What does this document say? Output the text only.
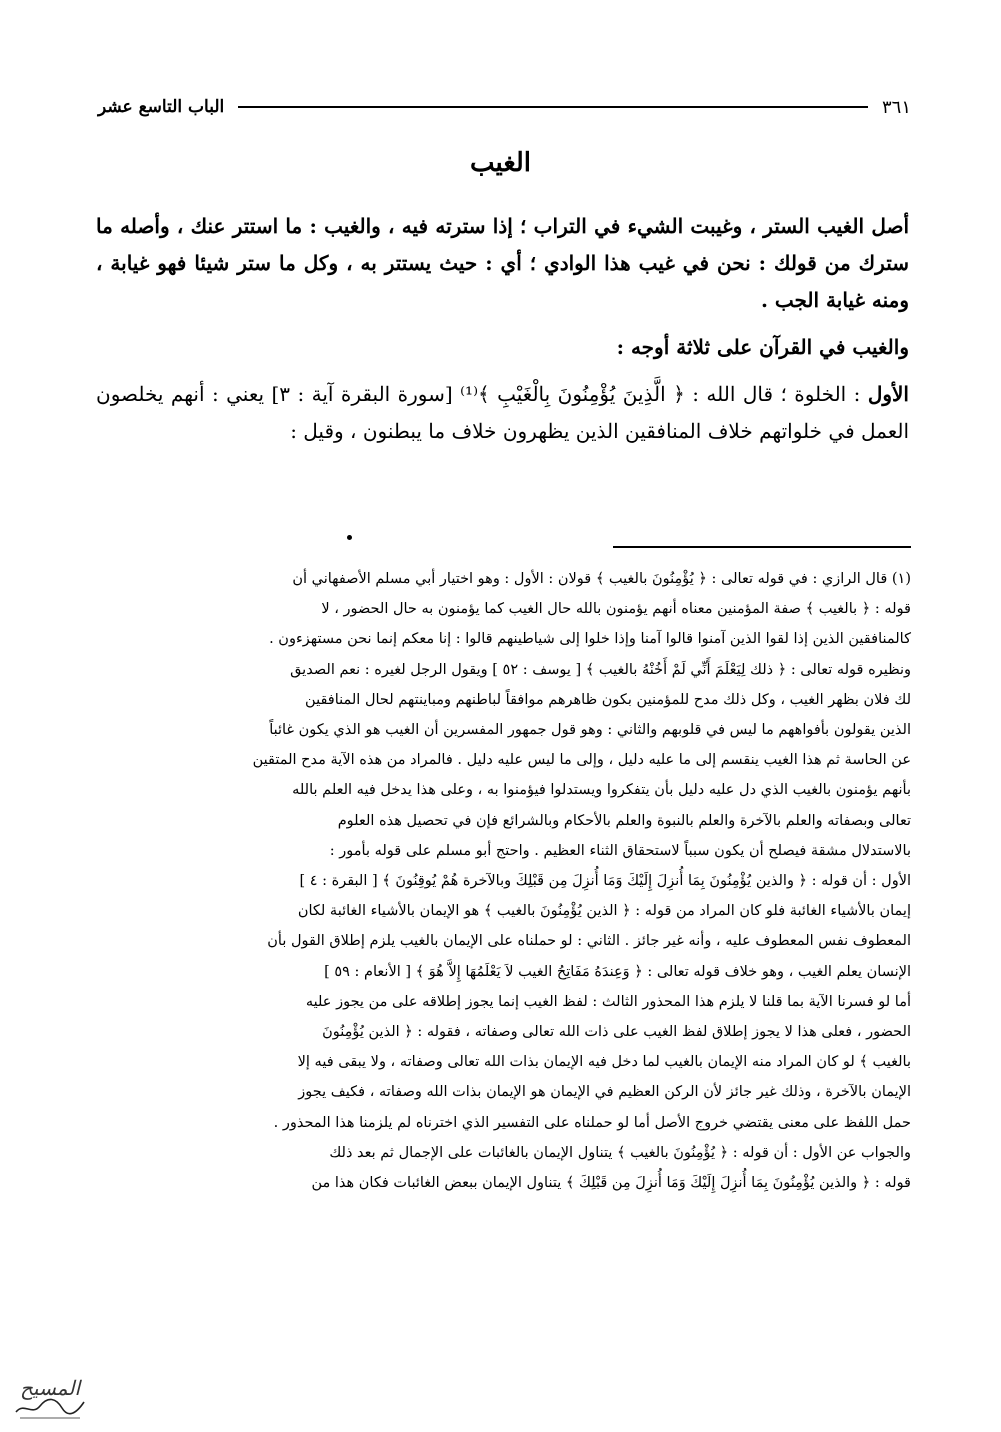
الباب التاسع عشر	٣٦١
الغيب

أصل الغيب الستر ، وغيبت الشيء في التراب ؛ إذا سترته فيه ، والغيب : ما استتر عنك ، وأصله ما سترك من قولك : نحن في غيب هذا الوادي ؛ أي : حيث يستتر به ، وكل ما ستر شيئا فهو غيابة ، ومنه غيابة الجب .

والغيب في القرآن على ثلاثة أوجه :

الأول : الخلوة ؛ قال الله : ﴿ الَّذِينَ يُؤْمِنُونَ بِالْغَيْبِ ﴾⁽¹⁾ [سورة البقرة آية : ٣] يعني : أنهم يخلصون العمل في خلواتهم خلاف المنافقين الذين يظهرون خلاف ما يبطنون ، وقيل :

(١) قال الرازي : في قوله تعالى : ﴿ يُؤْمِنُونَ بالغيب ﴾ قولان : الأول : وهو اختيار أبي مسلم الأصفهاني أن

قوله : ﴿ بالغيب ﴾ صفة المؤمنين معناه أنهم يؤمنون بالله حال الغيب كما يؤمنون به حال الحضور ، لا

كالمنافقين الذين إذا لقوا الذين آمنوا قالوا آمنا وإذا خلوا إلى شياطينهم قالوا : إنا معكم إنما نحن مستهزءون .

ونظيره قوله تعالى : ﴿ ذلك لِيَعْلَمَ أَنِّي لَمْ أَخُنْهُ بالغيب ﴾ [ يوسف : ٥٢ ] ويقول الرجل لغيره : نعم الصديق

لك فلان بظهر الغيب ، وكل ذلك مدح للمؤمنين بكون ظاهرهم موافقاً لباطنهم ومباينتهم لحال المنافقين

الذين يقولون بأفواههم ما ليس في قلوبهم والثاني : وهو قول جمهور المفسرين أن الغيب هو الذي يكون غائباً

عن الحاسة ثم هذا الغيب ينقسم إلى ما عليه دليل ، وإلى ما ليس عليه دليل . فالمراد من هذه الآية مدح المتقين

بأنهم يؤمنون بالغيب الذي دل عليه دليل بأن يتفكروا ويستدلوا فيؤمنوا به ، وعلى هذا يدخل فيه العلم بالله

تعالى وبصفاته والعلم بالآخرة والعلم بالنبوة والعلم بالأحكام وبالشرائع فإن في تحصيل هذه العلوم

بالاستدلال مشقة فيصلح أن يكون سبباً لاستحقاق الثناء العظيم . واحتج أبو مسلم على قوله بأمور :

الأول : أن قوله : ﴿ والذين يُؤْمِنُونَ بِمَا أُنزِلَ إِلَيْكَ وَمَا أُنزِلَ مِن قَبْلِكَ وبالآخرة هُمْ يُوقِنُونَ ﴾ [ البقرة : ٤ ]

إيمان بالأشياء الغائبة فلو كان المراد من قوله : ﴿ الذين يُؤْمِنُونَ بالغيب ﴾ هو الإيمان بالأشياء الغائبة لكان

المعطوف نفس المعطوف عليه ، وأنه غير جائز . الثاني : لو حملناه على الإيمان بالغيب يلزم إطلاق القول بأن

الإنسان يعلم الغيب ، وهو خلاف قوله تعالى : ﴿ وَعِندَهُ مَفَاتِحُ الغيب لاَ يَعْلَمُهَا إِلاَّ هُوَ ﴾ [ الأنعام : ٥٩ ]

أما لو فسرنا الآية بما قلنا لا يلزم هذا المحذور الثالث : لفظ الغيب إنما يجوز إطلاقه على من يجوز عليه

الحضور ، فعلى هذا لا يجوز إطلاق لفظ الغيب على ذات الله تعالى وصفاته ، فقوله : ﴿ الذين يُؤْمِنُونَ

بالغيب ﴾ لو كان المراد منه الإيمان بالغيب لما دخل فيه الإيمان بذات الله تعالى وصفاته ، ولا يبقى فيه إلا

الإيمان بالآخرة ، وذلك غير جائز لأن الركن العظيم في الإيمان هو الإيمان بذات الله وصفاته ، فكيف يجوز

حمل اللفظ على معنى يقتضي خروج الأصل أما لو حملناه على التفسير الذي اخترناه لم يلزمنا هذا المحذور .

والجواب عن الأول : أن قوله : ﴿ يُؤْمِنُونَ بالغيب ﴾ يتناول الإيمان بالغائبات على الإجمال ثم بعد ذلك

قوله : ﴿ والذين يُؤْمِنُونَ بِمَا أُنزِلَ إِلَيْكَ وَمَا أُنزِلَ مِن قَبْلِكَ ﴾ يتناول الإيمان ببعض الغائبات فكان هذا من

المسيح
